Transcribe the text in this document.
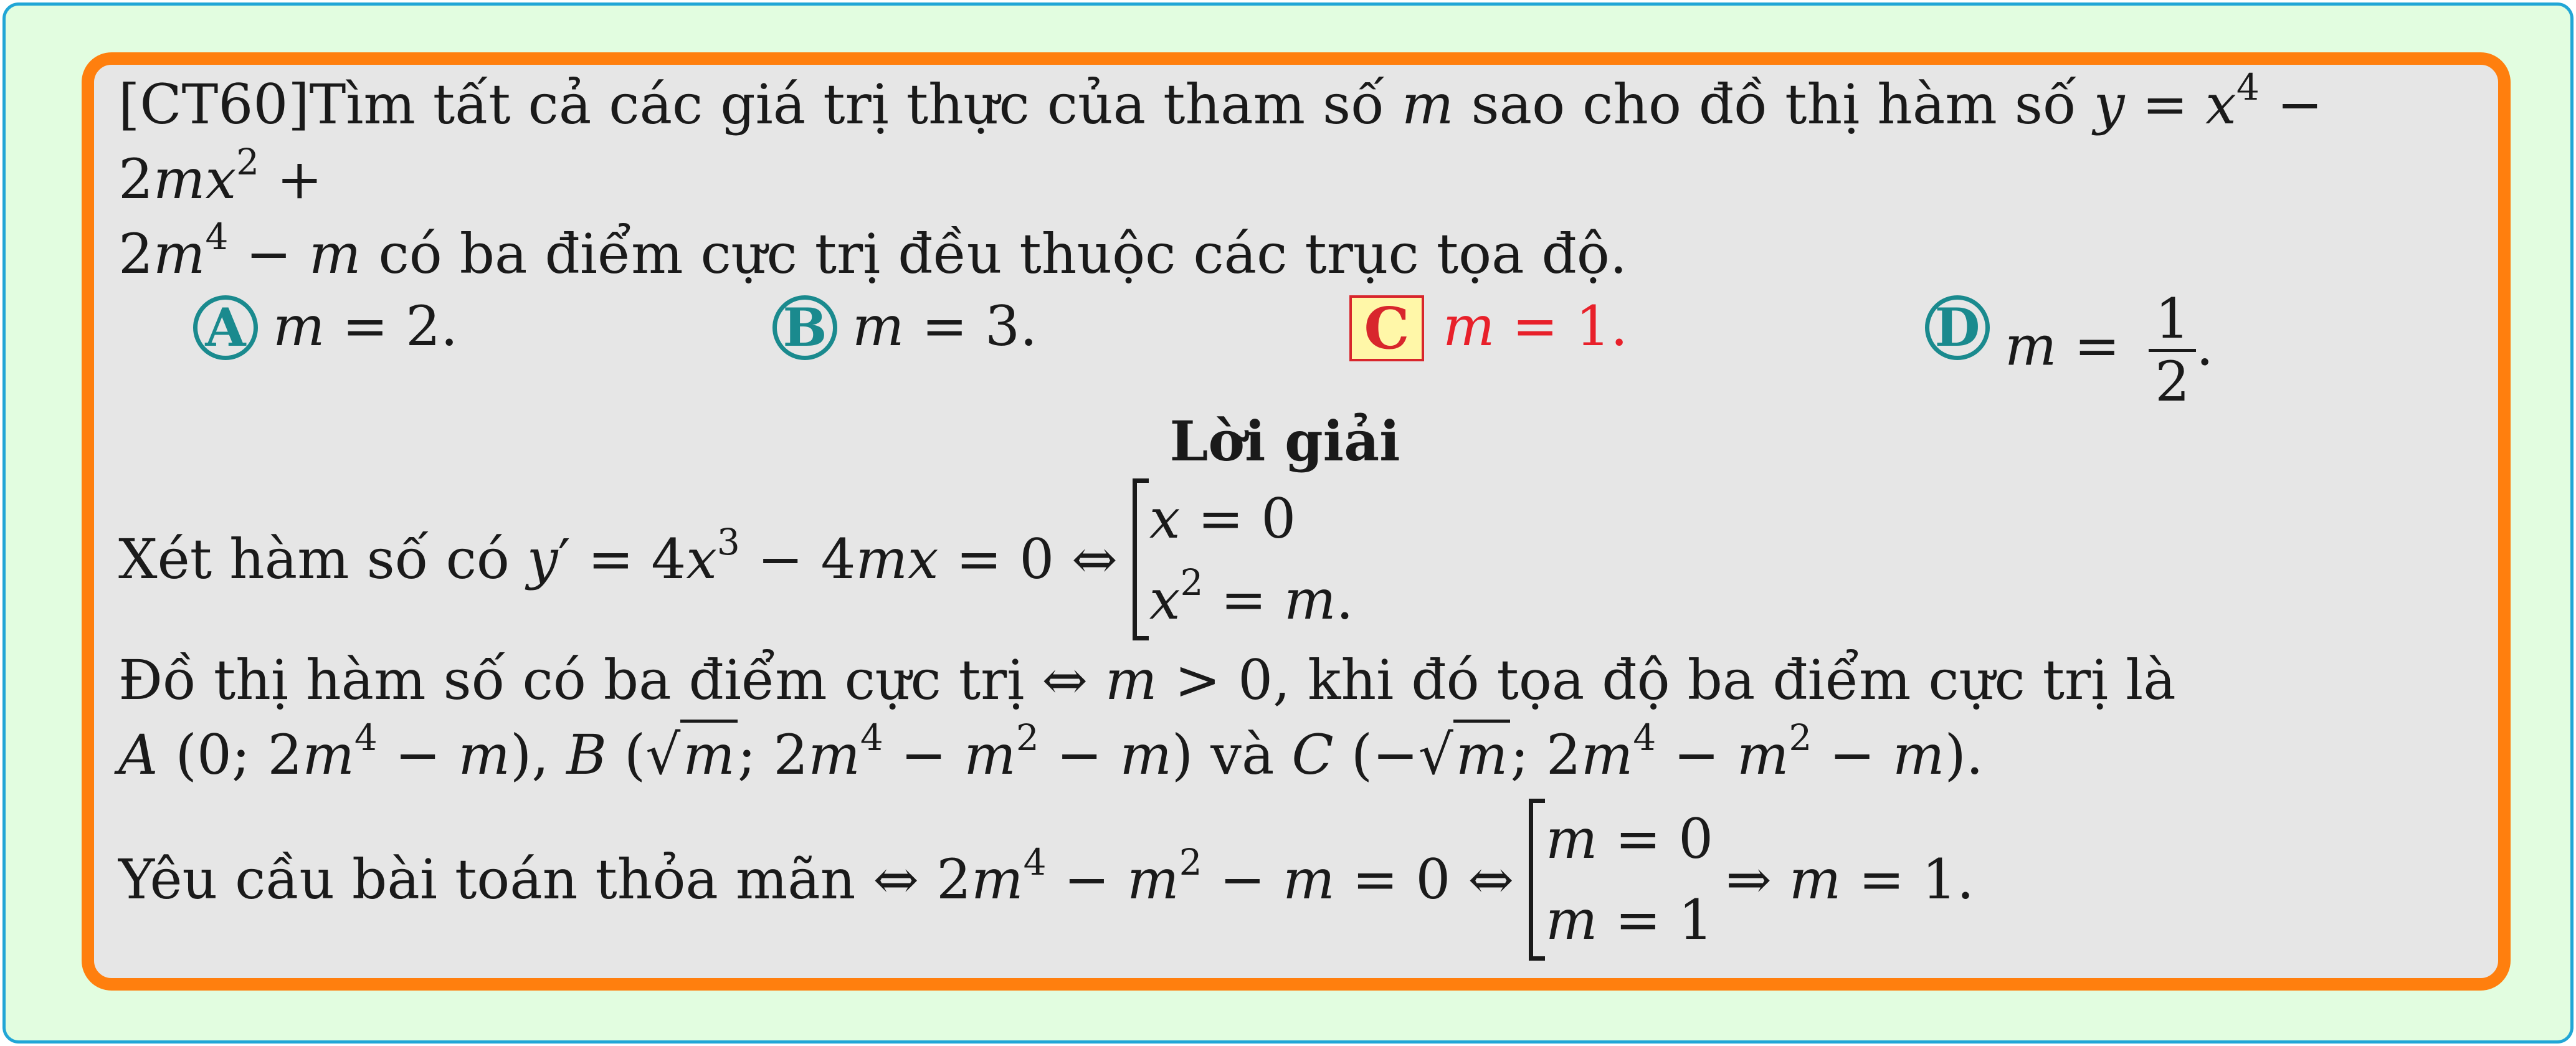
[CT60]Tìm tất cả các giá trị thực của tham số m sao cho đồ thị hàm số $y = x^4 - 2mx^2$ +
$2m^4 - m$ có ba điểm cực trị đều thuộc các trục tọa độ.

A m = 2.	B m = 3.	C m = 1.	D $m = \frac{1}{2}$ .
Lời giải
Xét hàm số có $y' = 4x^3 - 4mx = 0$ ⇔
x = 0
$x^2 = m$.

Đồ thị hàm số có ba điểm cực trị ⇔ m > 0, khi đó tọa độ ba điểm cực trị là
A (0; $2m^4 - m$), B (√m; $2m^4 - m^2 - m$) và C (−√m; $2m^4 - m^2 - m$).

Yêu cầu bài toán thỏa mãn ⇔ $2m^4 - m^2 - m = 0$ ⇔
m = 0
m = 1
⇒ m = 1.
